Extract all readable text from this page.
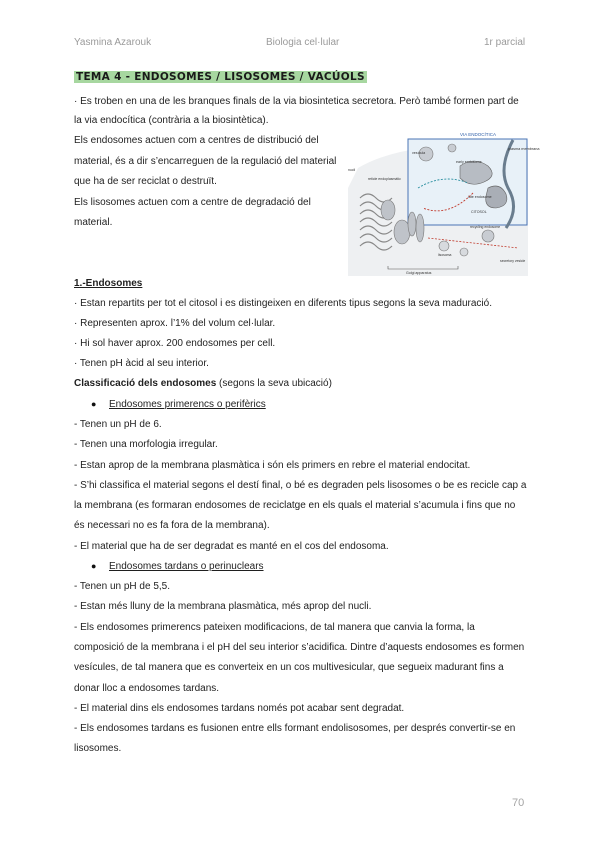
Yasmina Azarouk	Biologia cel·lular	1r parcial
TEMA 4 - ENDOSOMES / LISOSOMES / VACÚOLS
· Es troben en una de les branques finals de la via biosintetica secretora. Però també formen part de
la via endocítica (contrària a la biosintètica).
Els endosomes actuen com a centres de distribució del
material, és a dir s’encarreguen de la regulació del material
que ha de ser reciclat o destruït.
Els lisosomes actuen com a centre de degradació del
material.
VIA ENDOCÍTICA
plasma membrana
vesícula
early endosome
late endosome
CITOSOL
nucli
reticle endoplasmàtic
lisosoma
secretory vesicle
Golgi apparatus
recycling endosome
1.-Endosomes
· Estan repartits per tot el citosol i es distingeixen en diferents tipus segons la seva maduració.
· Representen aprox. l’1% del volum cel·lular.
· Hi sol haver aprox. 200 endosomes per cell.
· Tenen pH àcid al seu interior.
Classificació dels endosomes (segons la seva ubicació)
● Endosomes primerencs o perifèrics
- Tenen un pH de 6.
- Tenen una morfologia irregular.
- Estan aprop de la membrana plasmàtica i són els primers en rebre el material endocitat.
- S’hi classifica el material segons el destí final, o bé es degraden pels lisosomes o be es recicle cap a
la membrana (es formaran endosomes de reciclatge en els quals el material s’acumula i fins que no
és necessari no es fa fora de la membrana).
- El material que ha de ser degradat es manté en el cos del endosoma.
● Endosomes tardans o perinuclears
- Tenen un pH de 5,5.
- Estan més lluny de la membrana plasmàtica, més aprop del nucli.
- Els endosomes primerencs pateixen modificacions, de tal manera que canvia la forma, la
composició de la membrana i el pH del seu interior s’acidifica. Dintre d’aquests endosomes es formen
vesícules, de tal manera que es converteix en un cos multivesicular, que segueix madurant fins a
donar lloc a endosomes tardans.
- El material dins els endosomes tardans només pot acabar sent degradat.
- Els endosomes tardans es fusionen entre ells formant endolisosomes, per després convertir-se en
lisosomes.
70
